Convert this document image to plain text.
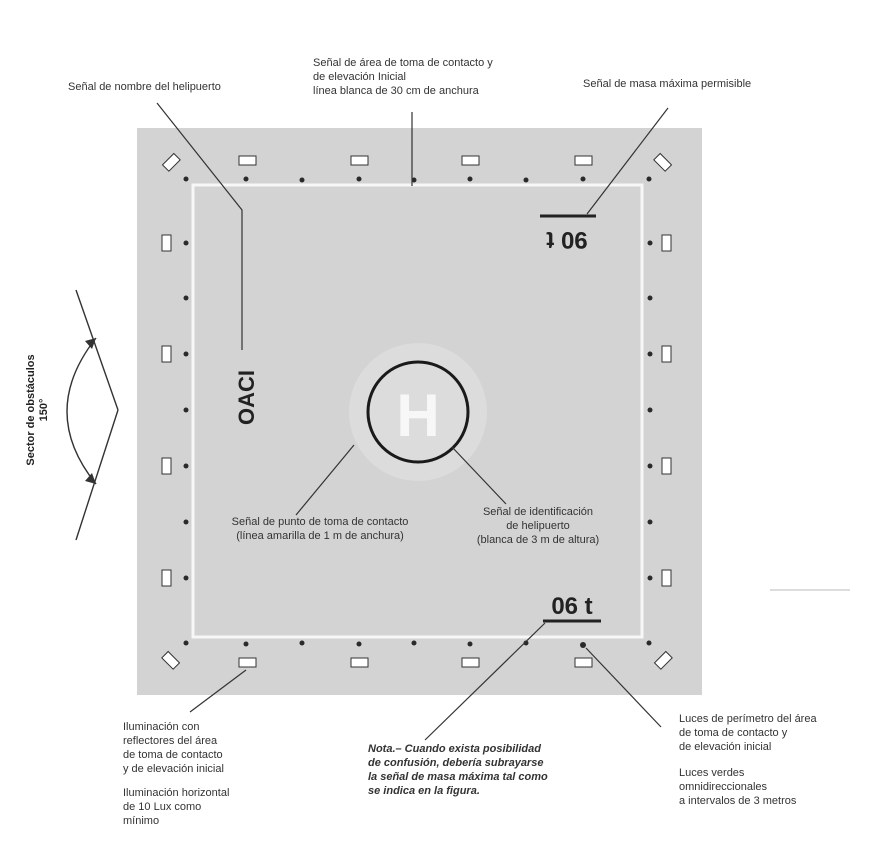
H
OACI
90 t
06 t
Sector de obstáculos 150°
Señal de nombre del helipuerto
Señal de área de toma de contacto y
de elevación Inicial
línea blanca de 30 cm de anchura
Señal de masa máxima permisible
Señal de punto de toma de contacto
(línea amarilla de 1 m de anchura)
Señal de identificación
de helipuerto
(blanca de 3 m de altura)
Iluminación con
reflectores del área
de toma de contacto
y de elevación inicial
Iluminación horizontal
de 10 Lux como
mínimo
Nota.– Cuando exista posibilidad
de confusión, debería subrayarse
la señal de masa máxima tal como
se indica en la figura.
Luces de perímetro del área
de toma de contacto y
de elevación inicial
Luces verdes
omnidireccionales
a intervalos de 3 metros
